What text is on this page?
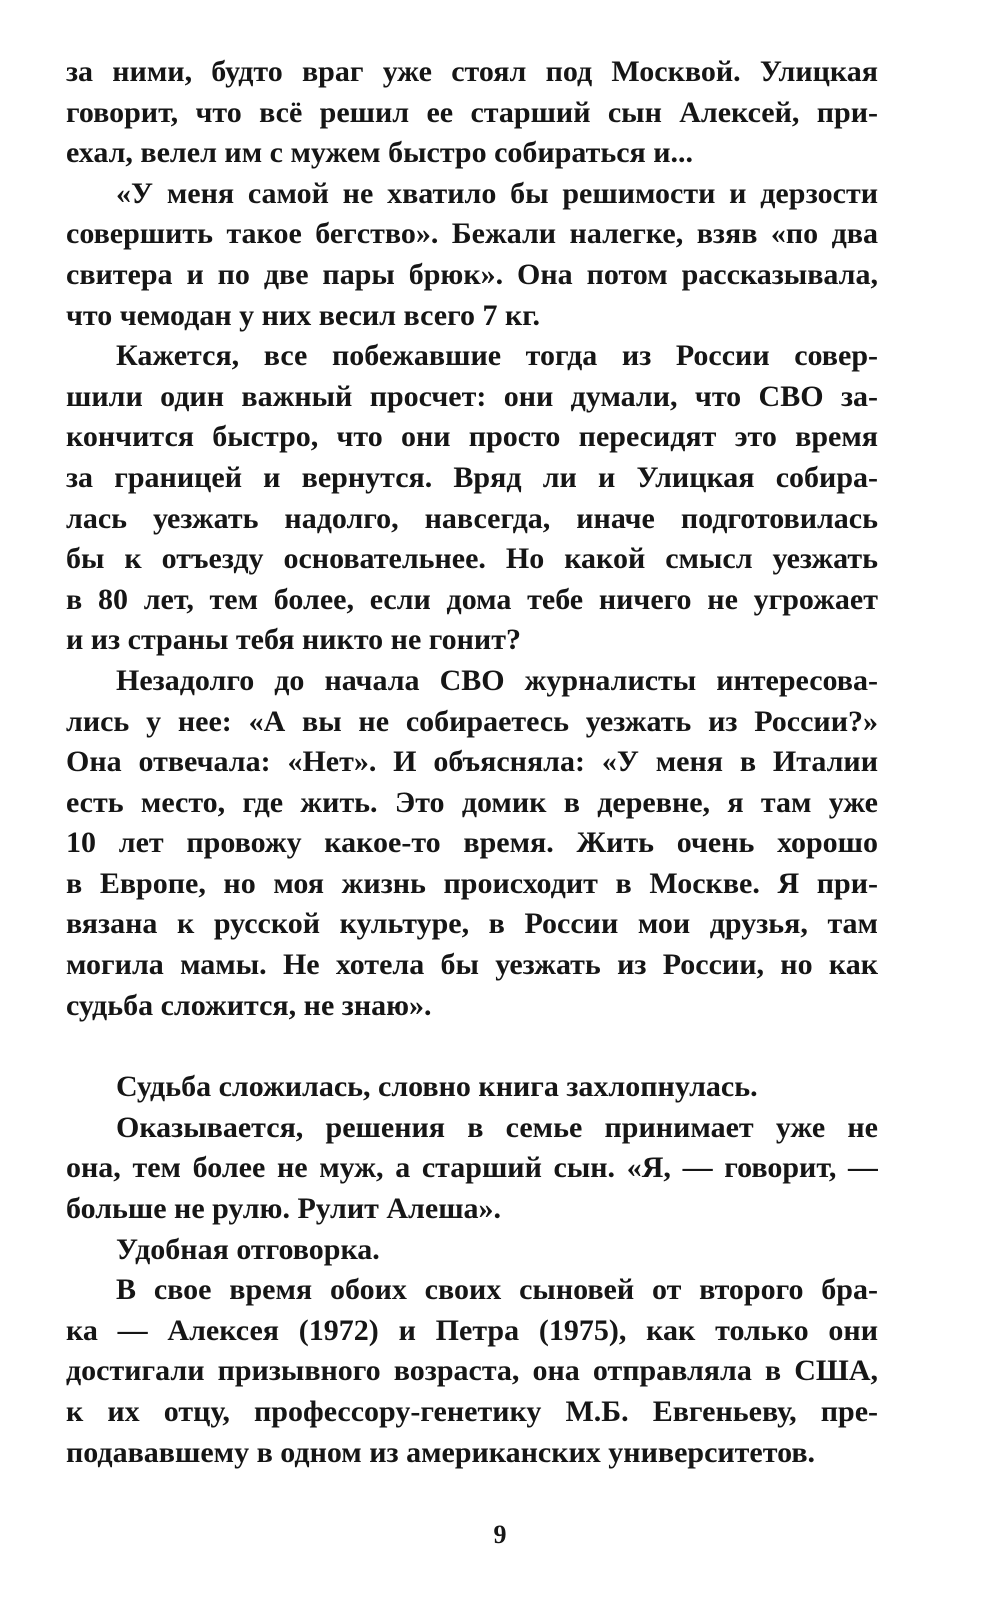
за ними, будто враг уже стоял под Москвой. Улицкая
говорит, что всё решил ее старший сын Алексей, при-
ехал, велел им с мужем быстро собираться и...
«У меня самой не хватило бы решимости и дерзости
совершить такое бегство». Бежали налегке, взяв «по два
свитера и по две пары брюк». Она потом рассказывала,
что чемодан у них весил всего 7 кг.
Кажется, все побежавшие тогда из России совер-
шили один важный просчет: они думали, что СВО за-
кончится быстро, что они просто пересидят это время
за границей и вернутся. Вряд ли и Улицкая собира-
лась уезжать надолго, навсегда, иначе подготовилась
бы к отъезду основательнее. Но какой смысл уезжать
в 80 лет, тем более, если дома тебе ничего не угрожает
и из страны тебя никто не гонит?
Незадолго до начала СВО журналисты интересова-
лись у нее: «А вы не собираетесь уезжать из России?»
Она отвечала: «Нет». И объясняла: «У меня в Италии
есть место, где жить. Это домик в деревне, я там уже
10 лет провожу какое-то время. Жить очень хорошо
в Европе, но моя жизнь происходит в Москве. Я при-
вязана к русской культуре, в России мои друзья, там
могила мамы. Не хотела бы уезжать из России, но как
судьба сложится, не знаю».
Судьба сложилась, словно книга захлопнулась.
Оказывается, решения в семье принимает уже не
она, тем более не муж, а старший сын. «Я, — говорит, —
больше не рулю. Рулит Алеша».
Удобная отговорка.
В свое время обоих своих сыновей от второго бра-
ка — Алексея (1972) и Петра (1975), как только они
достигали призывного возраста, она отправляла в США,
к их отцу, профессору-генетику М.Б. Евгеньеву, пре-
подававшему в одном из американских университетов.
9
